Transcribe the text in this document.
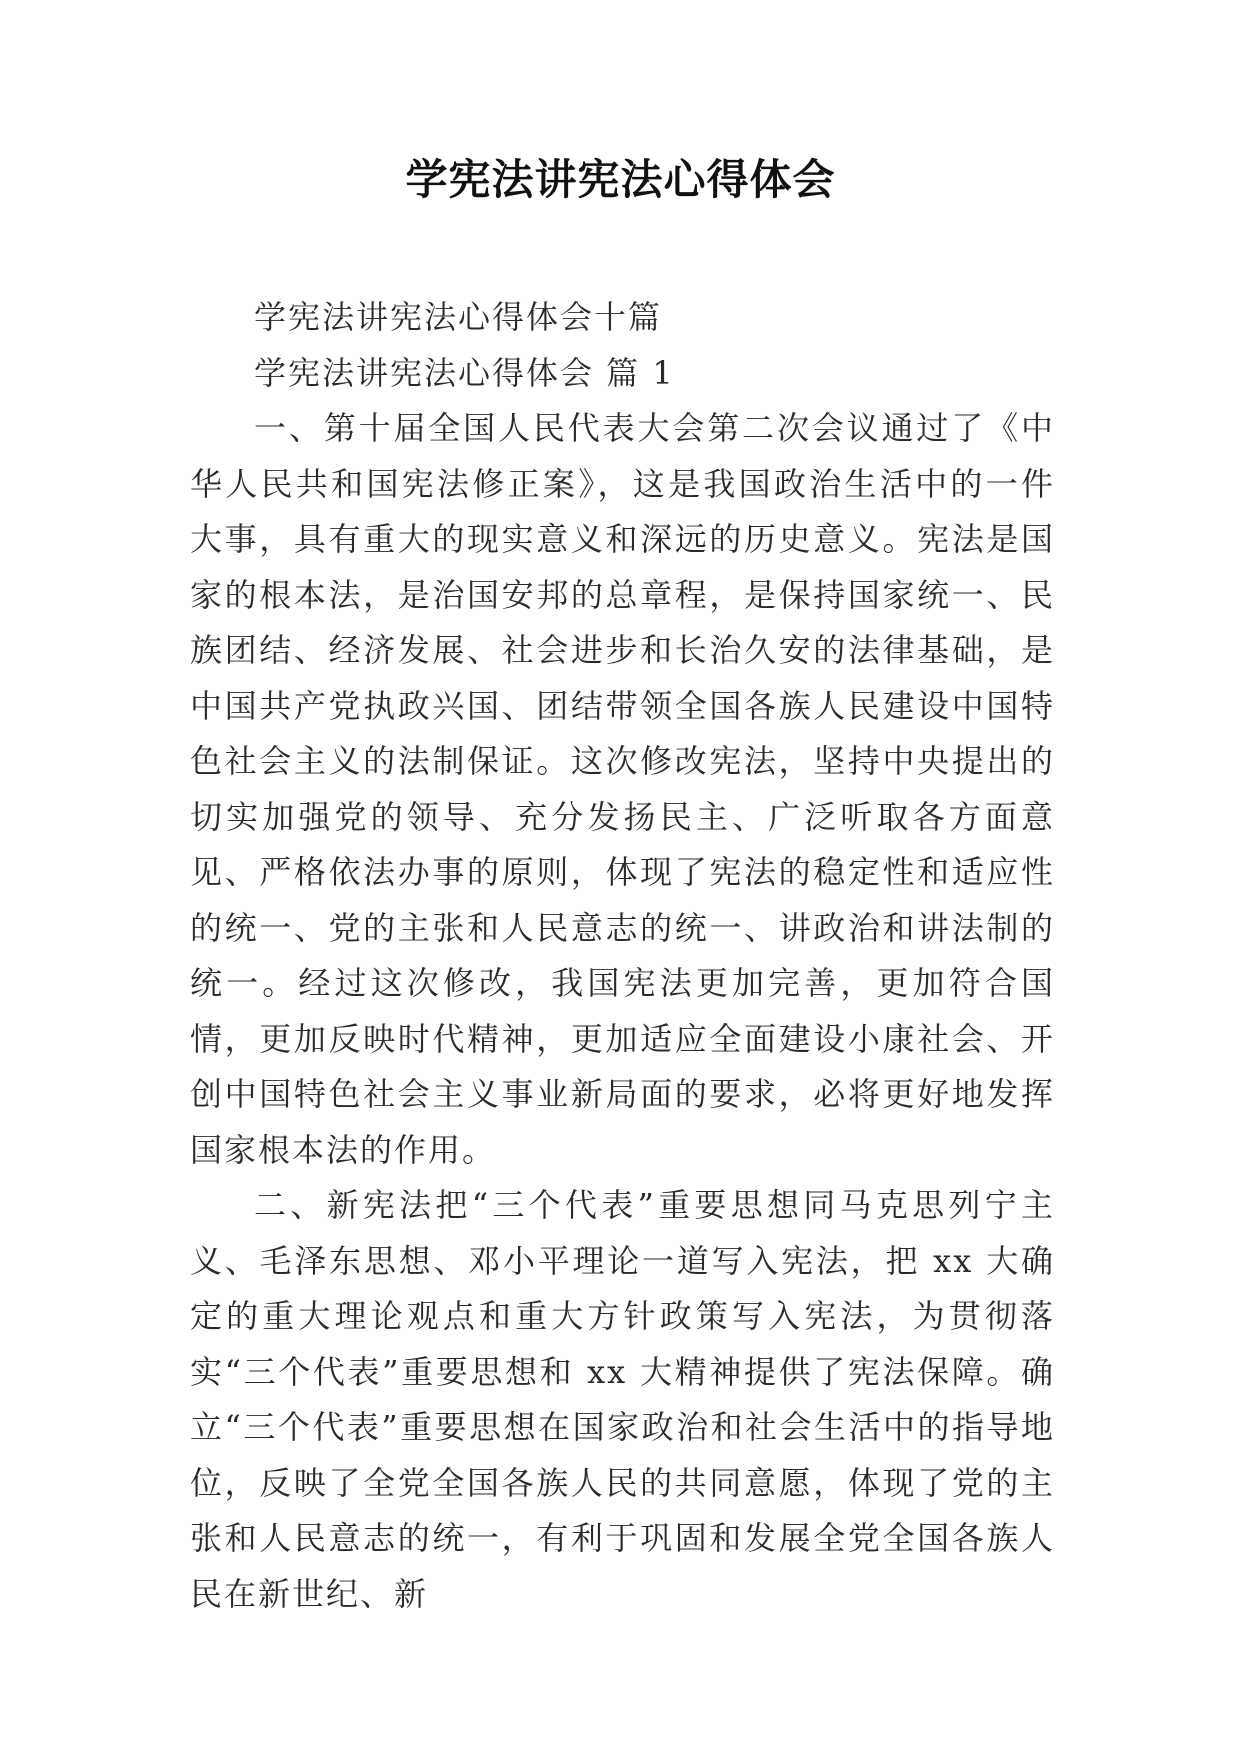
学宪法讲宪法心得体会

学宪法讲宪法心得体会十篇

学宪法讲宪法心得体会 篇 1

一、第十届全国人民代表大会第二次会议通过了《中华人民共和国宪法修正案》，这是我国政治生活中的一件大事，具有重大的现实意义和深远的历史意义。宪法是国家的根本法，是治国安邦的总章程，是保持国家统一、民族团结、经济发展、社会进步和长治久安的法律基础，是中国共产党执政兴国、团结带领全国各族人民建设中国特色社会主义的法制保证。这次修改宪法，坚持中央提出的切实加强党的领导、充分发扬民主、广泛听取各方面意见、严格依法办事的原则，体现了宪法的稳定性和适应性的统一、党的主张和人民意志的统一、讲政治和讲法制的统一。经过这次修改，我国宪法更加完善，更加符合国情，更加反映时代精神，更加适应全面建设小康社会、开创中国特色社会主义事业新局面的要求，必将更好地发挥国家根本法的作用。

二、新宪法把“三个代表”重要思想同马克思列宁主义、毛泽东思想、邓小平理论一道写入宪法，把 xx 大确定的重大理论观点和重大方针政策写入宪法，为贯彻落实“三个代表”重要思想和 xx 大精神提供了宪法保障。确立“三个代表”重要思想在国家政治和社会生活中的指导地位，反映了全党全国各族人民的共同意愿，体现了党的主张和人民意志的统一，有利于巩固和发展全党全国各族人民在新世纪、新
